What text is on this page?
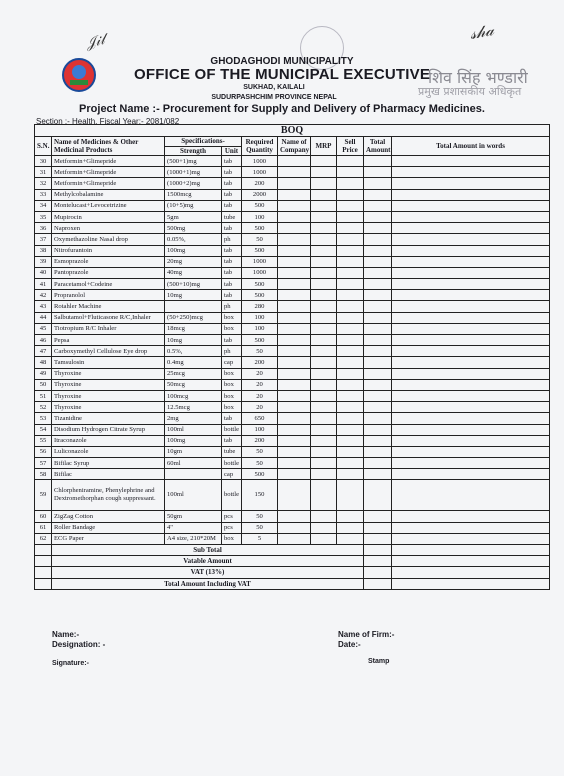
𝒥𝒾𝓁	𝓈𝒽𝒶
शिव सिंह भण्डारी
प्रमुख प्रशासकीय अधिकृत
GHODAGHODI MUNICIPALITY
OFFICE OF THE MUNICIPAL EXECUTIVE
SUKHAD, KAILALI
SUDURPASHCHIM PROVINCE NEPAL
Project Name :- Procurement for Supply and Delivery of Pharmacy Medicines.
Section :- Health, Fiscal Year:- 2081/082
BOQ									
S.N.	Name of Medicines & Other Medicinal Products	Specifications-		Required Quantity	Name of Company	MRP	Sell Price	Total Amount	Total Amount in words
		Strength	Unit						
30	Metformin+Glimepride	(500+1)mg	tab	1000					
31	Metformin+Glimepride	(1000+1)mg	tab	1000					
32	Metformin+Glimepride	(1000+2)mg	tab	200					
33	Methylcobalamine	1500mcg	tab	2000					
34	Montelucast+Levocetrizine	(10+5)mg	tab	500					
35	Mupirocin	5gm	tube	100					
36	Naproxen	500mg	tab	500					
37	Oxymethazoline Nasal drop	0.05%,	ph	50					
38	Nitrofurantoin	100mg	tab	500					
39	Esmoprazole	20mg	tab	1000					
40	Pantoprazole	40mg	tab	1000					
41	Paracetamol+Codeine	(500+10)mg	tab	500					
42	Propranolol	10mg	tab	500					
43	Rotahler Machine		ph	280					
44	Salbutamol+Fluticasone R/C,Inhaler	(50+250)mcg	box	100					
45	Tiotropium R/C Inhaler	18mcg	box	100					
46	Pepsa	10mg	tab	500					
47	Carboxymethyl Cellulose Eye drop	0.5%,	ph	50					
48	Tamsulosin	0.4mg	cap	200					
49	Thyroxine	25mcg	box	20					
50	Thyroxine	50mcg	box	20					
51	Thyroxine	100mcg	box	20					
52	Thyroxine	12.5mcg	box	20					
53	Tizanidine	2mg	tab	650					
54	Disodium Hydrogen Citrate Syrup	100ml	bottle	100					
55	Itraconazole	100mg	tab	200					
56	Luliconazole	10gm	tube	50					
57	Bifilac Syrup	60ml	bottle	50					
58	Bifilac		cap	500					
59	Chlorpheniramine, Phenylephrine and Dextromethorphan cough suppressant.	100ml	bottle	150					
60	ZigZag Cotton	50gm	pcs	50					
61	Roller Bandage	4"	pcs	50					
62	ECG Paper	A4 size, 210*20M	box	5					
	Sub Total								
	Vatable Amount								
	VAT (13%)								
	Total Amount Including VAT								
Name:-
Designation: -
Name of Firm:-
Date:-
Signature:-	Stamp
